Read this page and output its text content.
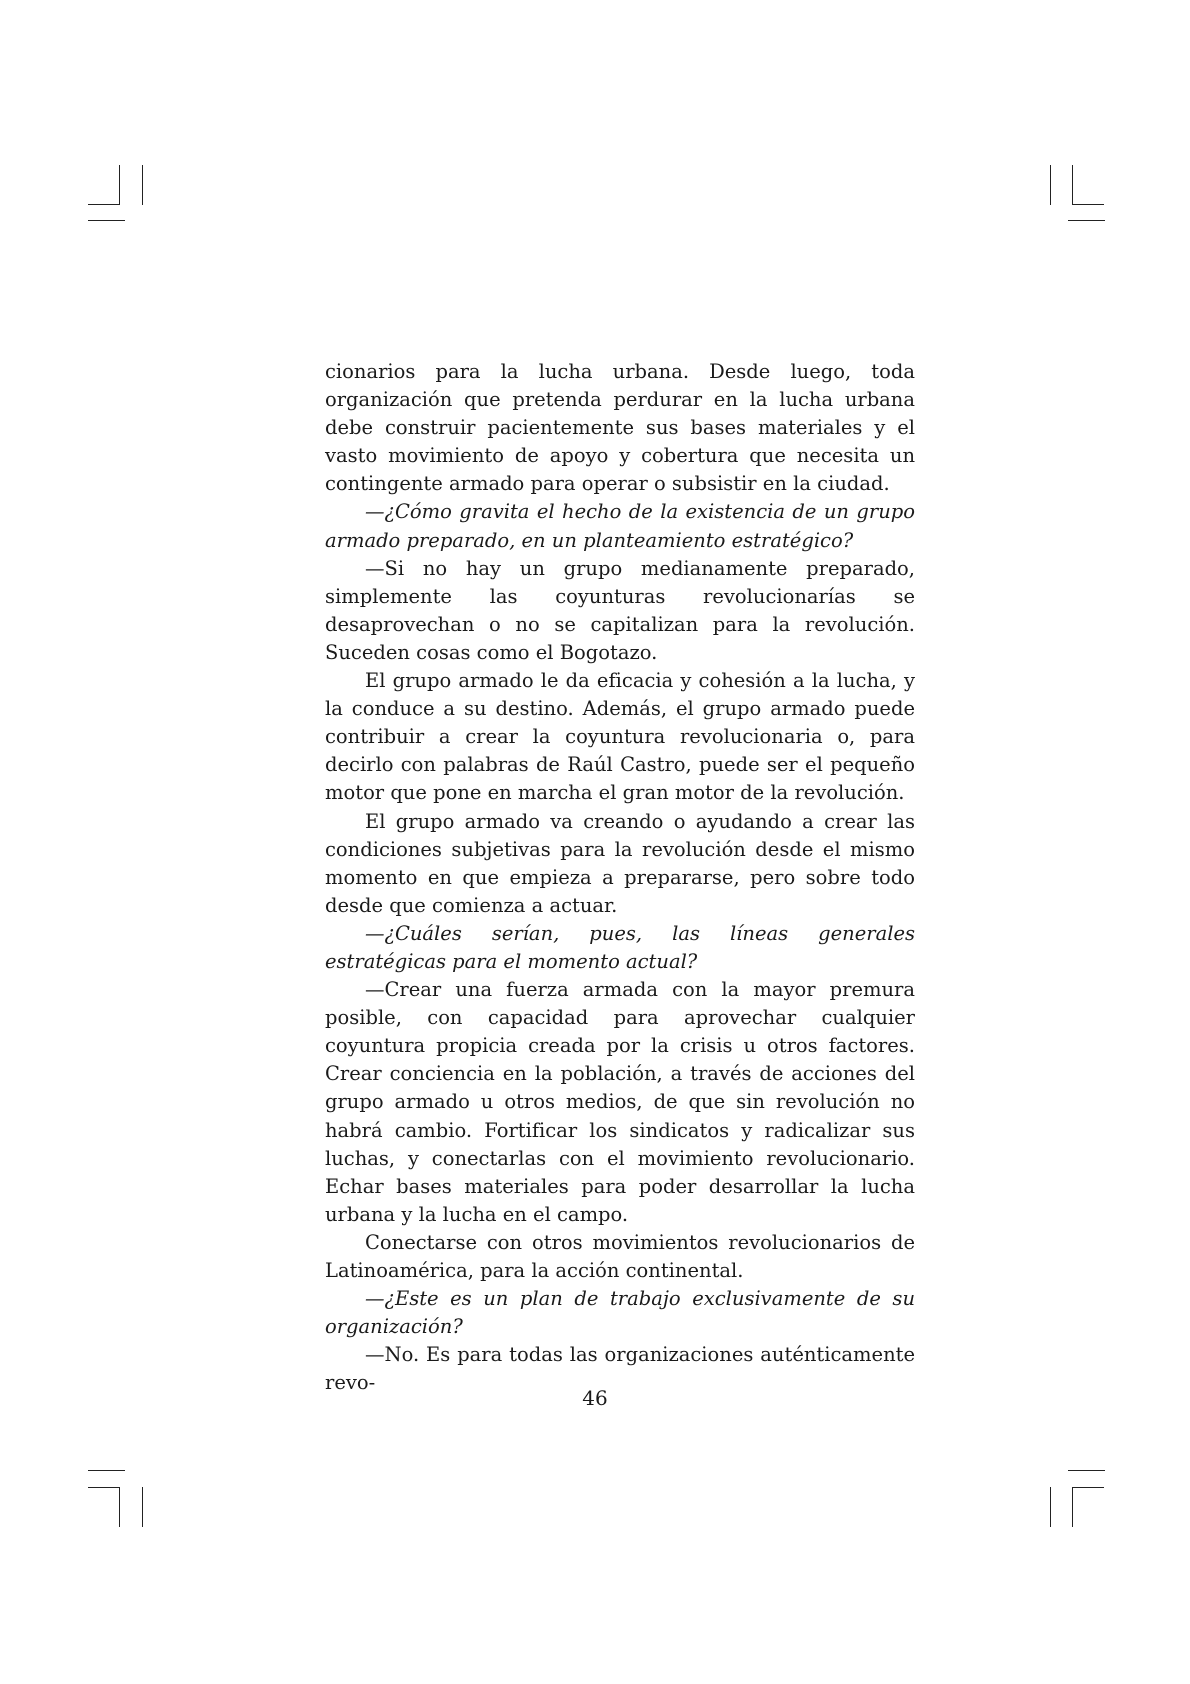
cionarios para la lucha urbana. Desde luego, toda organización que pretenda perdurar en la lucha urbana debe construir pacientemente sus bases materiales y el vasto movimiento de apoyo y cobertura que necesita un contingente armado para operar o subsistir en la ciudad.

—¿Cómo gravita el hecho de la existencia de un grupo armado preparado, en un planteamiento estratégico?

—Si no hay un grupo medianamente preparado, simplemente las coyunturas revolucionarías se desaprovechan o no se capitalizan para la revolución. Suceden cosas como el Bogotazo.

El grupo armado le da eficacia y cohesión a la lucha, y la conduce a su destino. Además, el grupo armado puede contribuir a crear la coyuntura revolucionaria o, para decirlo con palabras de Raúl Castro, puede ser el pequeño motor que pone en marcha el gran motor de la revolución.

El grupo armado va creando o ayudando a crear las condiciones subjetivas para la revolución desde el mismo momento en que empieza a prepararse, pero sobre todo desde que comienza a actuar.

—¿Cuáles serían, pues, las líneas generales estratégicas para el momento actual?

—Crear una fuerza armada con la mayor premura posible, con capacidad para aprovechar cualquier coyuntura propicia creada por la crisis u otros factores. Crear conciencia en la población, a través de acciones del grupo armado u otros medios, de que sin revolución no habrá cambio. Fortificar los sindicatos y radicalizar sus luchas, y conectarlas con el movimiento revolucionario. Echar bases materiales para poder desarrollar la lucha urbana y la lucha en el campo.

Conectarse con otros movimientos revolucionarios de Latinoamérica, para la acción continental.

—¿Este es un plan de trabajo exclusivamente de su organización?

—No. Es para todas las organizaciones auténticamente revo-

46
